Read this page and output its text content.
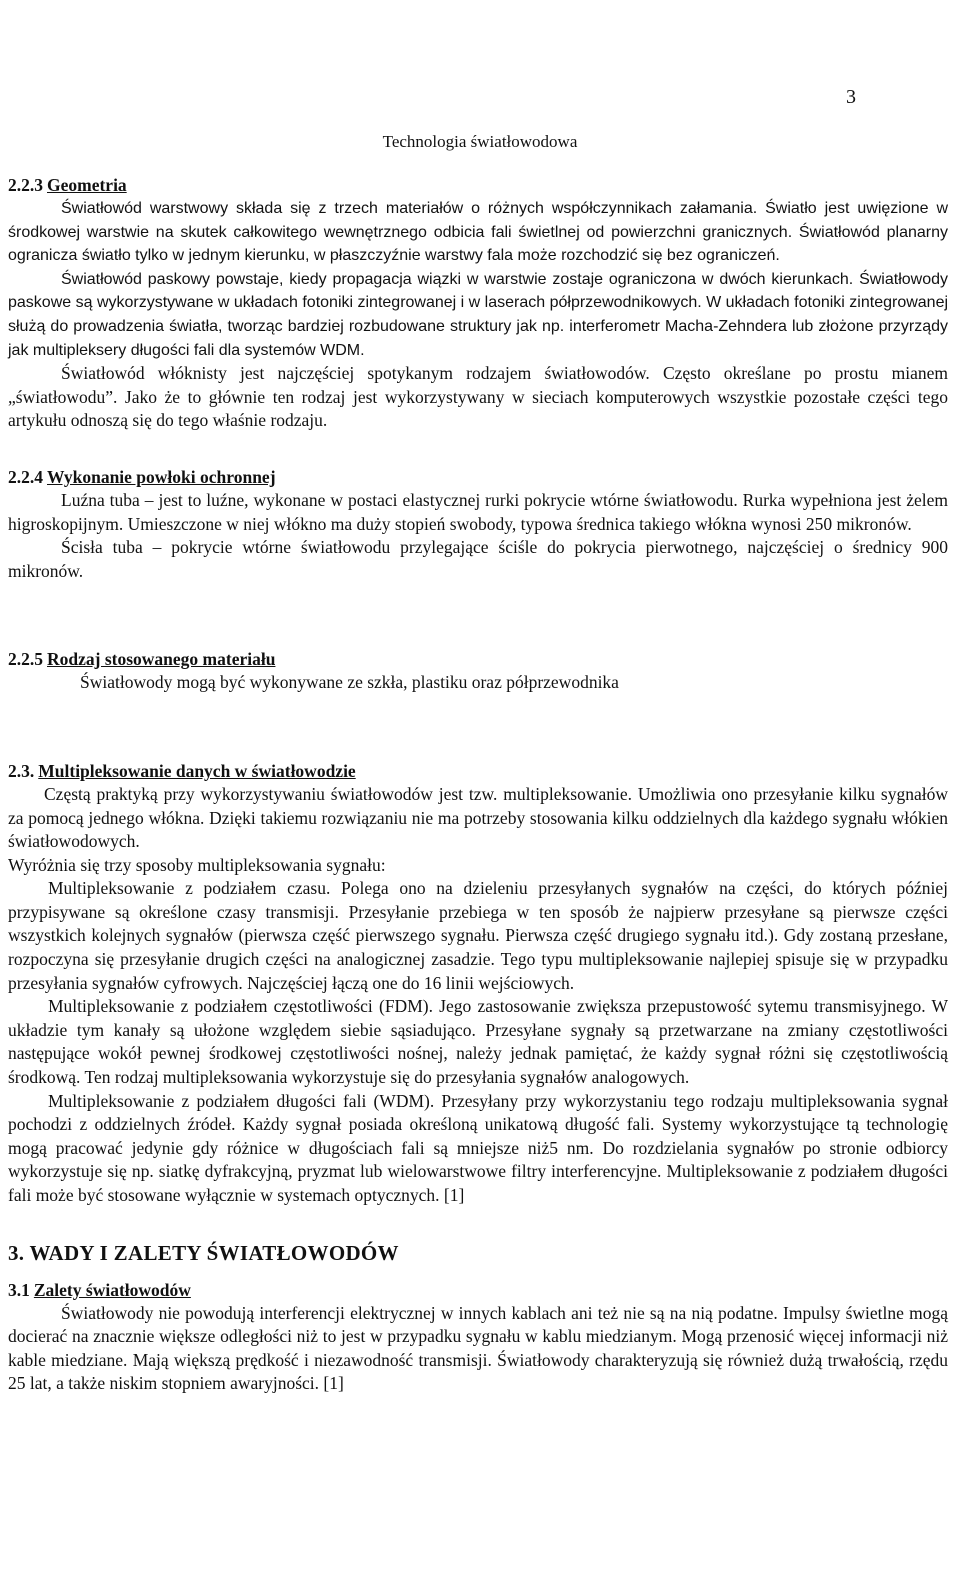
3
Technologia światłowodowa
2.2.3 Geometria

Światłowód warstwowy składa się z trzech materiałów o różnych współczynnikach załamania. Światło jest uwięzione w środkowej warstwie na skutek całkowitego wewnętrznego odbicia fali świetlnej od powierzchni granicznych. Światłowód planarny ogranicza światło tylko w jednym kierunku, w płaszczyźnie warstwy fala może rozchodzić się bez ograniczeń.

Światłowód paskowy powstaje, kiedy propagacja wiązki w warstwie zostaje ograniczona w dwóch kierunkach. Światłowody paskowe są wykorzystywane w układach fotoniki zintegrowanej i w laserach półprzewodnikowych. W układach fotoniki zintegrowanej służą do prowadzenia światła, tworząc bardziej rozbudowane struktury jak np. interferometr Macha-Zehndera lub złożone przyrządy jak multipleksery długości fali dla systemów WDM.

Światłowód włóknisty jest najczęściej spotykanym rodzajem światłowodów. Często określane po prostu mianem „światłowodu”. Jako że to głównie ten rodzaj jest wykorzystywany w sieciach komputerowych wszystkie pozostałe części tego artykułu odnoszą się do tego właśnie rodzaju.

2.2.4 Wykonanie powłoki ochronnej

Luźna tuba – jest to luźne, wykonane w postaci elastycznej rurki pokrycie wtórne światłowodu. Rurka wypełniona jest żelem higroskopijnym. Umieszczone w niej włókno ma duży stopień swobody, typowa średnica takiego włókna wynosi 250 mikronów.

Ścisła tuba – pokrycie wtórne światłowodu przylegające ściśle do pokrycia pierwotnego, najczęściej o średnicy 900 mikronów.

2.2.5 Rodzaj stosowanego materiału

Światłowody mogą być wykonywane ze szkła, plastiku oraz półprzewodnika

2.3. Multipleksowanie danych w światłowodzie

Częstą praktyką przy wykorzystywaniu światłowodów jest tzw. multipleksowanie. Umożliwia ono przesyłanie kilku sygnałów za pomocą jednego włókna. Dzięki takiemu rozwiązaniu nie ma potrzeby stosowania kilku oddzielnych dla każdego sygnału włókien światłowodowych.

Wyróżnia się trzy sposoby multipleksowania sygnału:

Multipleksowanie z podziałem czasu. Polega ono na dzieleniu przesyłanych sygnałów na części, do których później przypisywane są określone czasy transmisji. Przesyłanie przebiega w ten sposób że najpierw przesyłane są pierwsze części wszystkich kolejnych sygnałów (pierwsza część pierwszego sygnału. Pierwsza część drugiego sygnału itd.). Gdy zostaną przesłane, rozpoczyna się przesyłanie drugich części na analogicznej zasadzie. Tego typu multipleksowanie najlepiej spisuje się w przypadku przesyłania sygnałów cyfrowych. Najczęściej łączą one do 16 linii wejściowych.

Multipleksowanie z podziałem częstotliwości (FDM). Jego zastosowanie zwiększa przepustowość sytemu transmisyjnego. W układzie tym kanały są ułożone względem siebie sąsiadująco. Przesyłane sygnały są przetwarzane na zmiany częstotliwości następujące wokół pewnej środkowej częstotliwości nośnej, należy jednak pamiętać, że każdy sygnał różni się częstotliwością środkową. Ten rodzaj multipleksowania wykorzystuje się do przesyłania sygnałów analogowych.

Multipleksowanie z podziałem długości fali (WDM). Przesyłany przy wykorzystaniu tego rodzaju multipleksowania sygnał pochodzi z oddzielnych źródeł. Każdy sygnał posiada określoną unikatową długość fali. Systemy wykorzystujące tą technologię mogą pracować jedynie gdy różnice w długościach fali są mniejsze niż5 nm. Do rozdzielania sygnałów po stronie odbiorcy wykorzystuje się np. siatkę dyfrakcyjną, pryzmat lub wielowarstwowe filtry interferencyjne. Multipleksowanie z podziałem długości fali może być stosowane wyłącznie w systemach optycznych. [1]

3. WADY I ZALETY ŚWIATŁOWODÓW
3.1 Zalety światłowodów

Światłowody nie powodują interferencji elektrycznej w innych kablach ani też nie są na nią podatne. Impulsy świetlne mogą docierać na znacznie większe odległości niż to jest w przypadku sygnału w kablu miedzianym. Mogą przenosić więcej informacji niż kable miedziane. Mają większą prędkość i niezawodność transmisji. Światłowody charakteryzują się również dużą trwałością, rzędu 25 lat, a także niskim stopniem awaryjności. [1]
